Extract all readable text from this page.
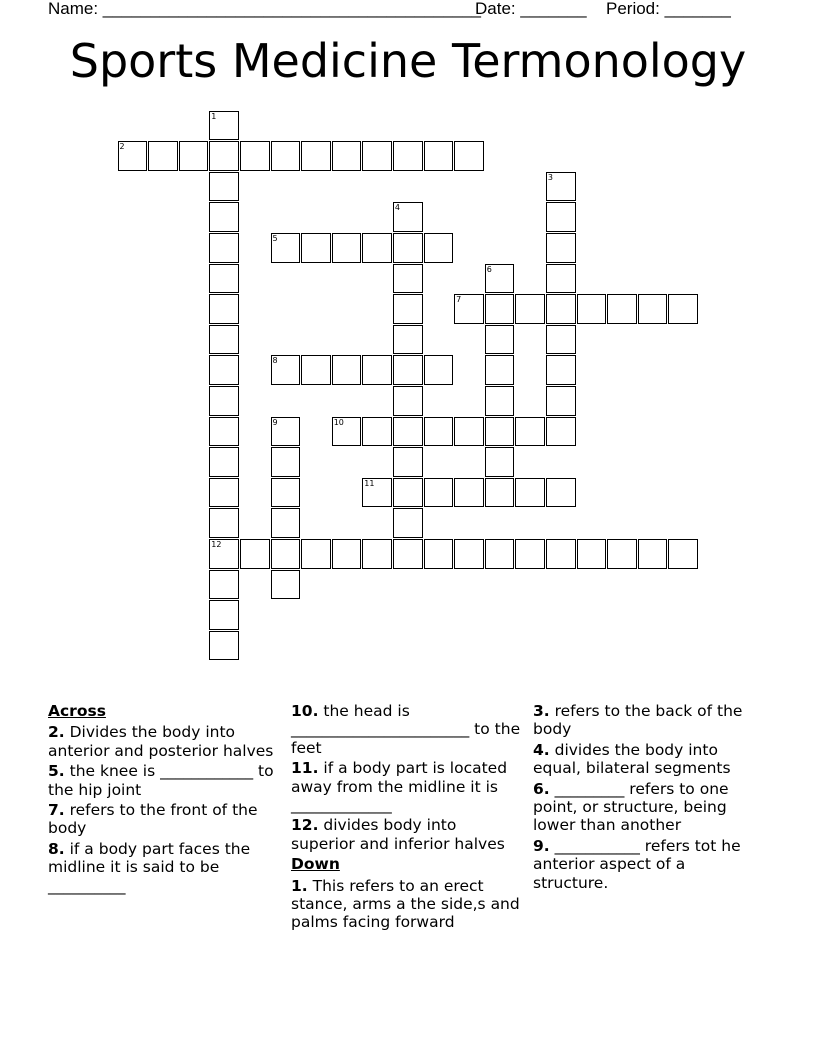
Name: ________________________________________
Date: _______ Period: _______
Sports Medicine Termonology
1
2
3
4
5
6
7
8
9	10
11
12
Across
2. Divides the body into anterior and posterior halves
5. the knee is ____________ to the hip joint
7. refers to the front of the body
8. if a body part faces the midline it is said to be __________
10. the head is _______________________ to the feet
11. if a body part is located away from the midline it is _____________
12. divides body into superior and inferior halves
Down
1. This refers to an erect stance, arms a the side,s and palms facing forward
3. refers to the back of the body
4. divides the body into equal, bilateral segments
6. _________ refers to one point, or structure, being lower than another
9. ___________ refers tot he anterior aspect of a structure.
